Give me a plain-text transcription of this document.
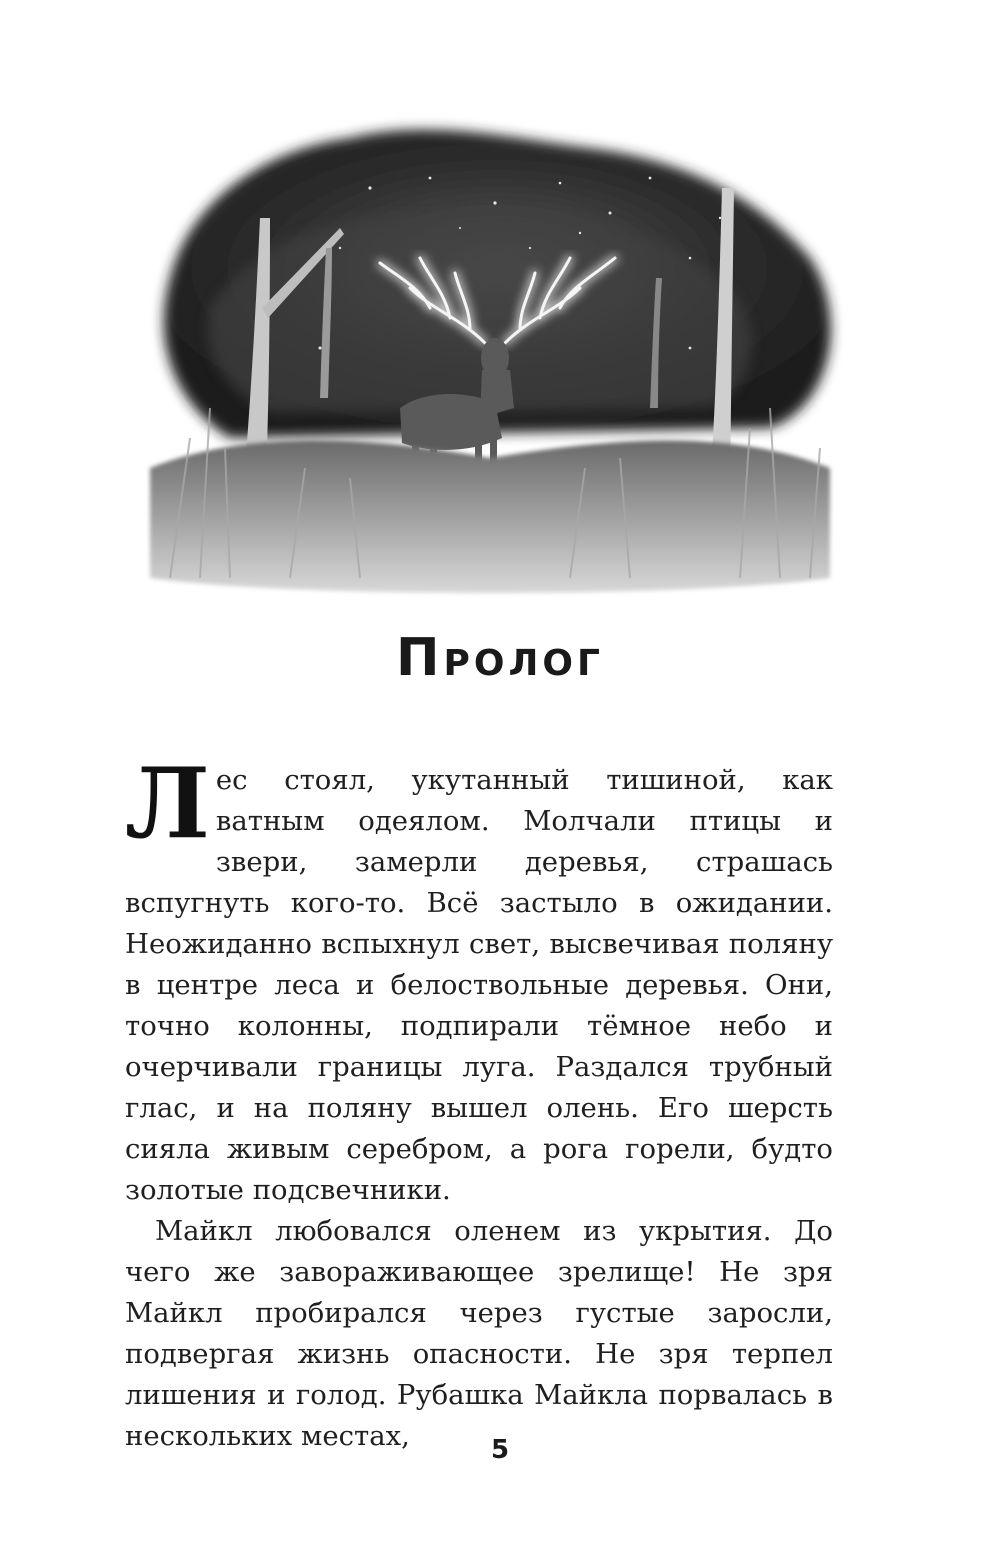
Пролог

Лес стоял, укутанный тишиной, как ватным одеялом. Молчали птицы и звери, замерли деревья, страшась вспугнуть кого-то. Всё застыло в ожидании. Неожиданно вспыхнул свет, высвечивая поляну в центре леса и белоствольные деревья. Они, точно колонны, подпирали тёмное небо и очерчивали границы луга. Раздался трубный глас, и на поляну вышел олень. Его шерсть сияла живым серебром, а рога горели, будто золотые подсвечники.

Майкл любовался оленем из укрытия. До чего же завораживающее зрелище! Не зря Майкл пробирался через густые заросли, подвергая жизнь опасности. Не зря терпел лишения и голод. Рубашка Майкла порвалась в нескольких местах,	5
